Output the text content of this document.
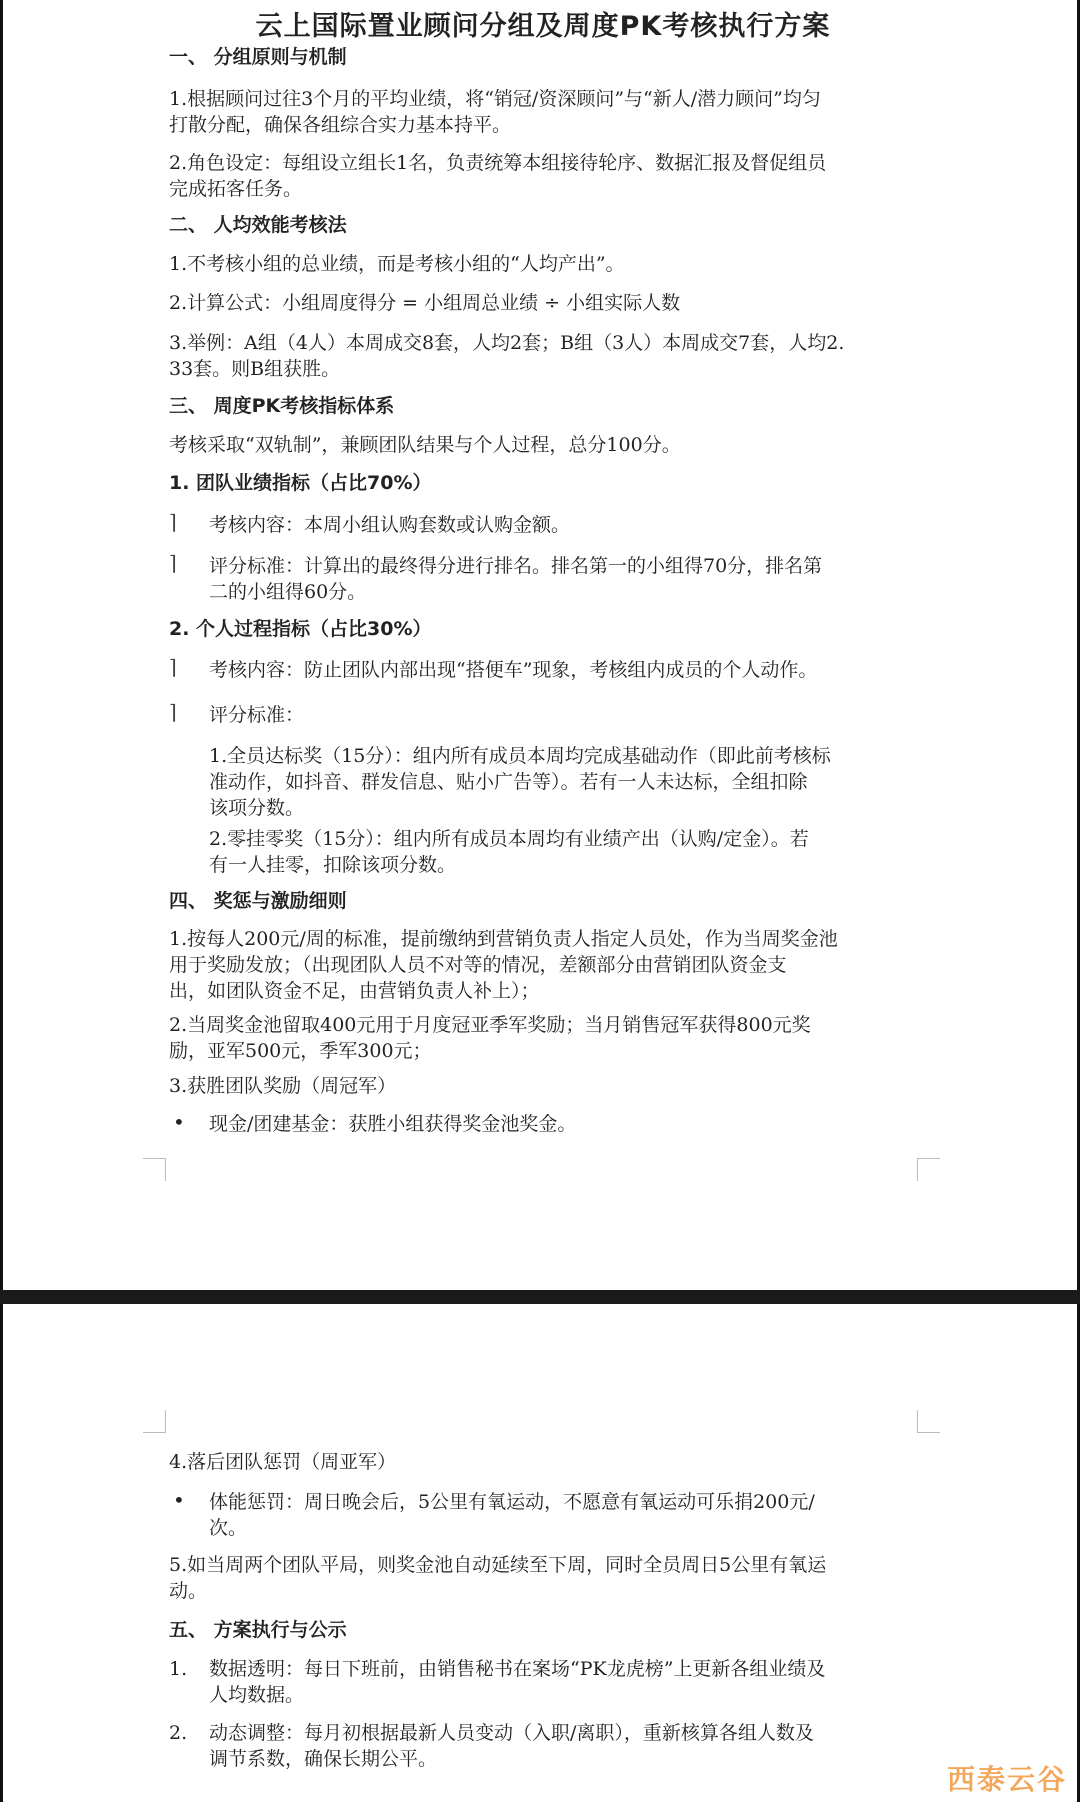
云上国际置业顾问分组及周度PK考核执行方案
一、 分组原则与机制
1.根据顾问过往3个月的平均业绩，将“销冠/资深顾问”与“新人/潜力顾问”均匀
打散分配，确保各组综合实力基本持平。
2.角色设定：每组设立组长1名，负责统筹本组接待轮序、数据汇报及督促组员
完成拓客任务。
二、 人均效能考核法
1.不考核小组的总业绩，而是考核小组的“人均产出”。
2.计算公式：小组周度得分 = 小组周总业绩 ÷ 小组实际人数
3.举例：A组（4人）本周成交8套，人均2套；B组（3人）本周成交7套，人均2.
33套。则B组获胜。
三、 周度PK考核指标体系
考核采取“双轨制”，兼顾团队结果与个人过程，总分100分。
1. 团队业绩指标（占比70%）
⌉ 考核内容：本周小组认购套数或认购金额。
⌉ 评分标准：计算出的最终得分进行排名。排名第一的小组得70分，排名第
二的小组得60分。
2. 个人过程指标（占比30%）
⌉ 考核内容：防止团队内部出现“搭便车”现象，考核组内成员的个人动作。
⌉ 评分标准：
1.全员达标奖（15分）：组内所有成员本周均完成基础动作（即此前考核标
准动作，如抖音、群发信息、贴小广告等）。若有一人未达标，全组扣除
该项分数。
2.零挂零奖（15分）：组内所有成员本周均有业绩产出（认购/定金）。若
有一人挂零，扣除该项分数。
四、 奖惩与激励细则
1.按每人200元/周的标准，提前缴纳到营销负责人指定人员处，作为当周奖金池
用于奖励发放；（出现团队人员不对等的情况，差额部分由营销团队资金支
出，如团队资金不足，由营销负责人补上）；
2.当周奖金池留取400元用于月度冠亚季军奖励；当月销售冠军获得800元奖
励，亚军500元，季军300元；
3.获胜团队奖励（周冠军）
• 现金/团建基金：获胜小组获得奖金池奖金。
4.落后团队惩罚（周亚军）
• 体能惩罚：周日晚会后，5公里有氧运动，不愿意有氧运动可乐捐200元/
次。
5.如当周两个团队平局，则奖金池自动延续至下周，同时全员周日5公里有氧运
动。
五、 方案执行与公示
1. 数据透明：每日下班前，由销售秘书在案场“PK龙虎榜”上更新各组业绩及
人均数据。
2. 动态调整：每月初根据最新人员变动（入职/离职），重新核算各组人数及
调节系数，确保长期公平。
西泰云谷
